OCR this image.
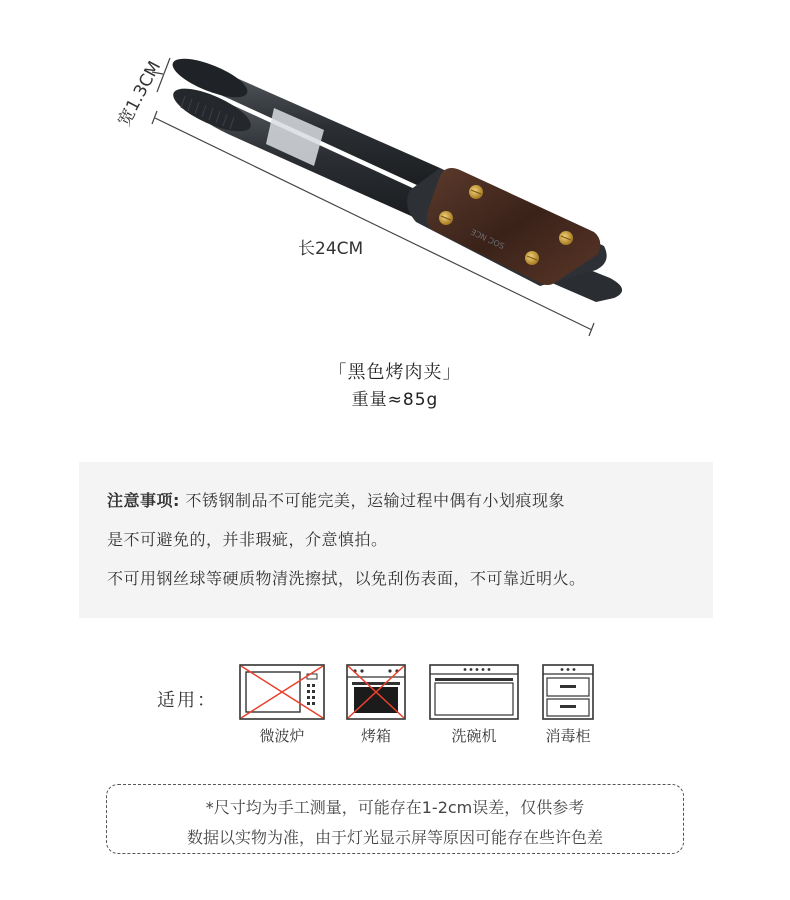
ƎƆN ƆOS
宽1.3CM
长24CM
「黑色烤肉夹」
重量≈85g
注意事项: 不锈钢制品不可能完美，运输过程中偶有小划痕现象
是不可避免的，并非瑕疵，介意慎拍。
不可用钢丝球等硬质物清洗擦拭，以免刮伤表面，不可靠近明火。
适用：
微波炉	烤箱	洗碗机	消毒柜
*尺寸均为手工测量，可能存在1-2cm误差，仅供参考
数据以实物为准，由于灯光显示屏等原因可能存在些许色差
